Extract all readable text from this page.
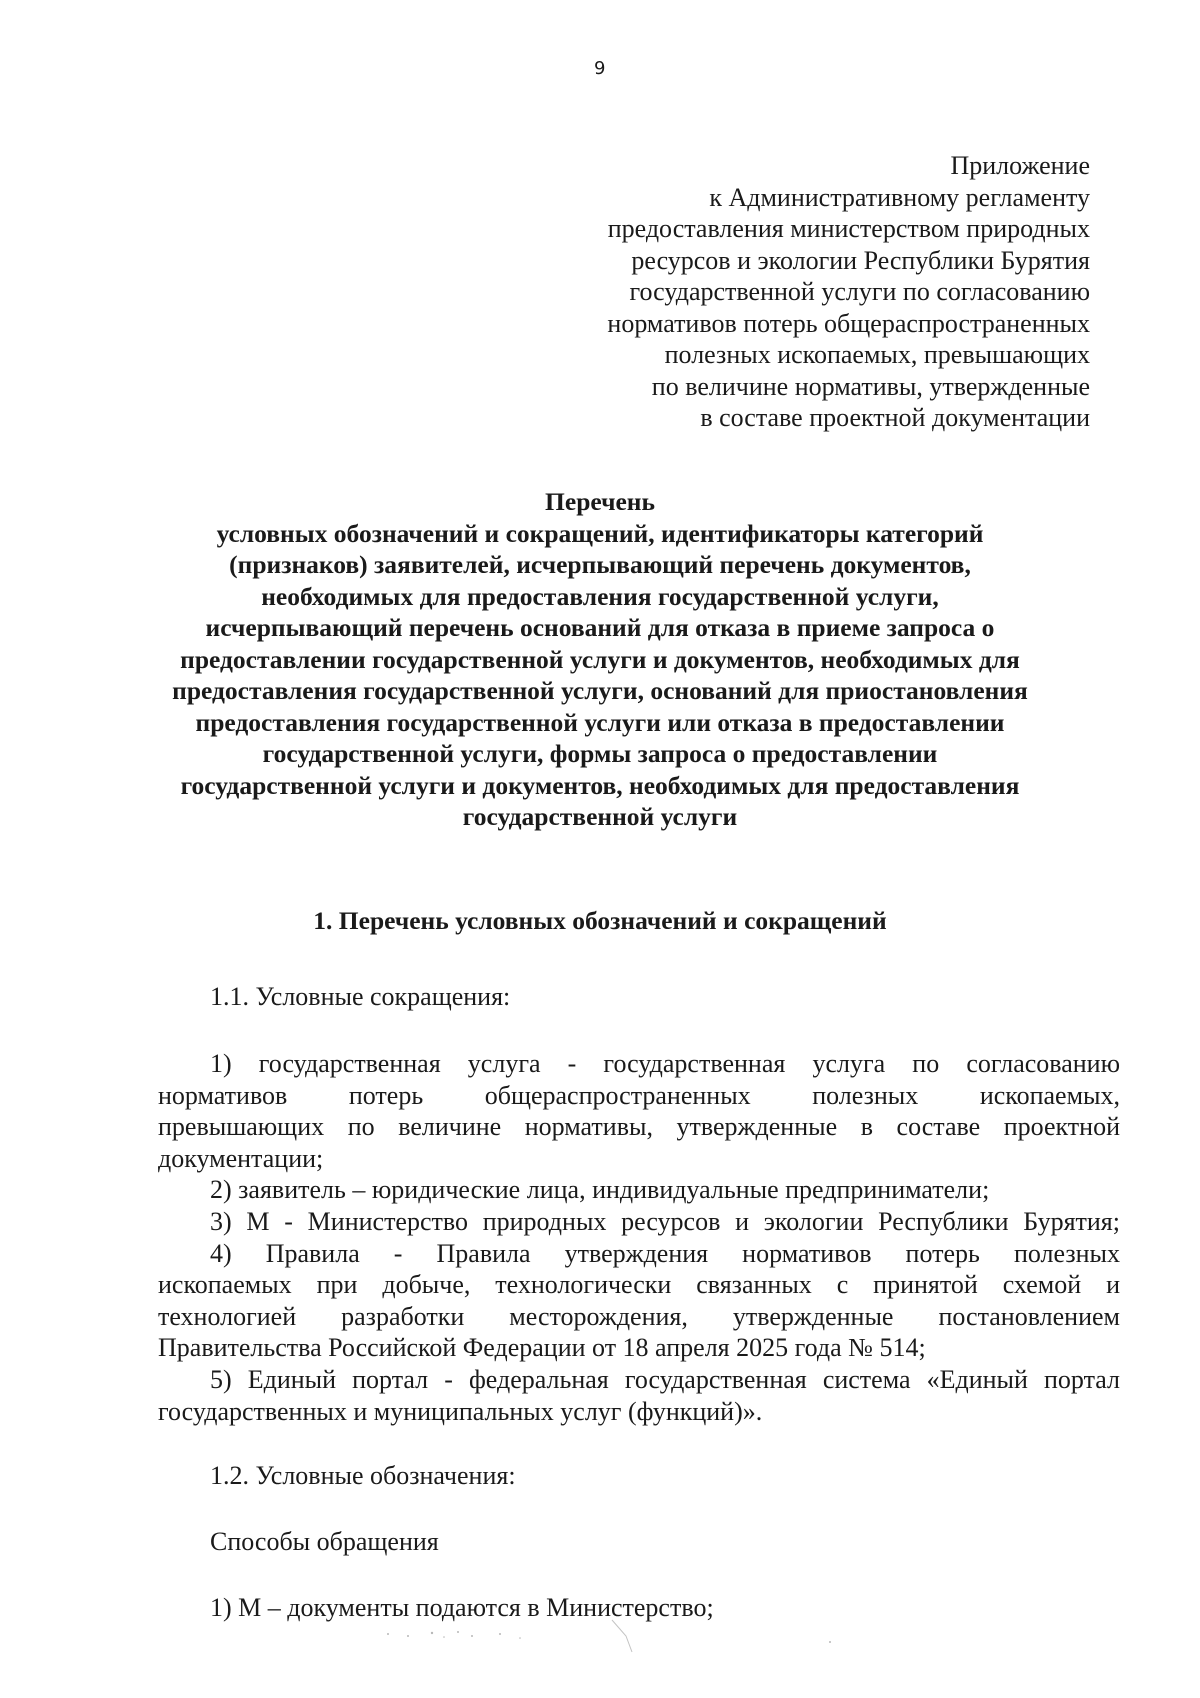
9
Приложение
к Административному регламенту
предоставления министерством природных
ресурсов и экологии Республики Бурятия
государственной услуги по согласованию
нормативов потерь общераспространенных
полезных ископаемых, превышающих
по величине нормативы, утвержденные
в составе проектной документации
Перечень
условных обозначений и сокращений, идентификаторы категорий
(признаков) заявителей, исчерпывающий перечень документов,
необходимых для предоставления государственной услуги,
исчерпывающий перечень оснований для отказа в приеме запроса о
предоставлении государственной услуги и документов, необходимых для
предоставления государственной услуги, оснований для приостановления
предоставления государственной услуги или отказа в предоставлении
государственной услуги, формы запроса о предоставлении
государственной услуги и документов, необходимых для предоставления
государственной услуги
1. Перечень условных обозначений и сокращений
1.1. Условные сокращения:
1) государственная услуга - государственная услуга по согласованию
нормативов потерь общераспространенных полезных ископаемых,
превышающих по величине нормативы, утвержденные в составе проектной
документации;
2) заявитель – юридические лица, индивидуальные предприниматели;
3) М - Министерство природных ресурсов и экологии Республики Бурятия;
4) Правила - Правила утверждения нормативов потерь полезных
ископаемых при добыче, технологически связанных с принятой схемой и
технологией разработки месторождения, утвержденные постановлением
Правительства Российской Федерации от 18 апреля 2025 года № 514;
5) Единый портал - федеральная государственная система «Единый портал
государственных и муниципальных услуг (функций)».
1.2. Условные обозначения:
Способы обращения
1) М – документы подаются в Министерство;
